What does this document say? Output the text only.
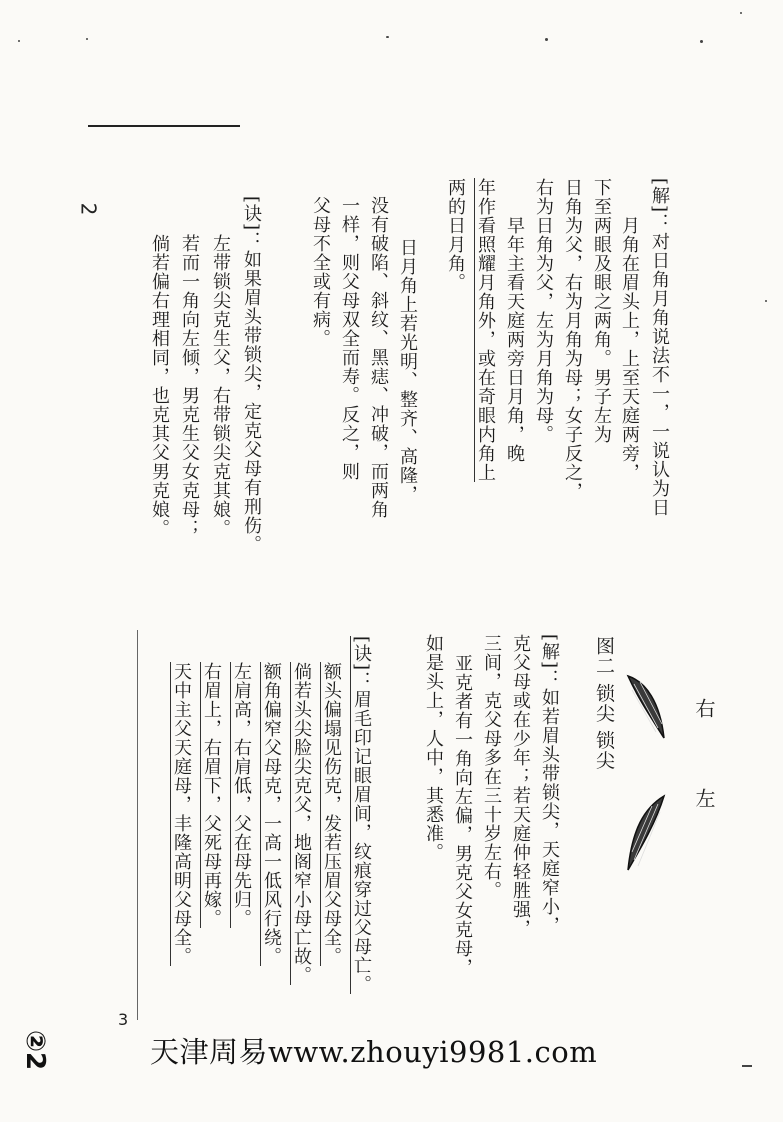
2	[解]：对日角月角说法不一，一说认为日
月角在眉头上，上至天庭两旁，
下至两眼及眼之两角。男子左为
日角为父，右为月角为母；女子反之，
右为日角为父，左为月角为母。
早年主看天庭两旁日月角，晚
年作看照耀月角外，或在奇眼内角上
两的日月角。
日月角上若光明、整齐、高隆，
没有破陷、斜纹、黑痣、冲破，而两角
一样，则父母双全而寿。反之，则
父母不全或有病。
[诀]：如果眉头带锁尖，定克父母有刑伤。
左带锁尖克生父，右带锁尖克其娘。
若而一角向左倾，男克生父女克母；
倘若偏右理相同，也克其父男克娘。
右
左
图二 锁尖 锁尖
[解]：如若眉头带锁尖，天庭窄小，
克父母或在少年；若天庭仲轻胜强，
三间，克父母多在三十岁左右。
亚克者有一角向左偏，男克父女克母，
如是头上，人中，其悉准。
[诀]：眉毛印记眼眉间，纹痕穿过父母亡。
额头偏塌见伤克，发若压眉父母全。
倘若头尖脸尖克父，地阁窄小母亡故。
额角偏窄父母克，一高一低风行绕。
左肩高，右肩低，父在母先归。
右眉上，右眉下，父死母再嫁。
天中主父天庭母，丰隆高明父母全。
3
②2	天津周易www.zhouyi9981.com
